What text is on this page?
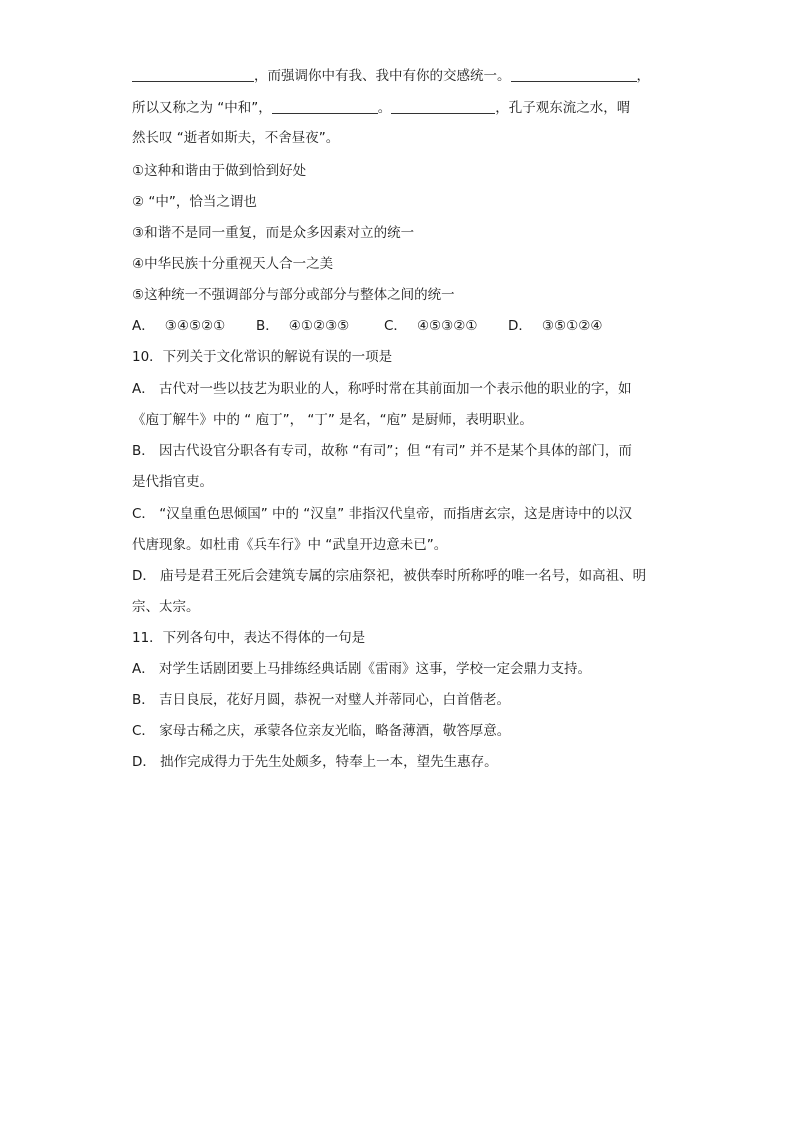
，而强调你中有我、我中有你的交感统一。	，
所以又称之为 “中和”，	。	，孔子观东流之水，喟
然长叹 “逝者如斯夫，不舍昼夜”。
①这种和谐由于做到恰到好处
② “中”，恰当之谓也
③和谐不是同一重复，而是众多因素对立的统一
④中华民族十分重视天人合一之美
⑤这种统一不强调部分与部分或部分与整体之间的统一
A． ③④⑤②① B． ④①②③⑤	C． ④⑤③②① D． ③⑤①②④
10．下列关于文化常识的解说有误的一项是
A． 古代对一些以技艺为职业的人，称呼时常在其前面加一个表示他的职业的字，如
《庖丁解牛》中的 “ 庖丁”， “丁” 是名，“庖” 是厨师，表明职业。
B． 因古代设官分职各有专司，故称 “有司”；但 “有司” 并不是某个具体的部门，而
是代指官吏。
C． “汉皇重色思倾国” 中的 “汉皇” 非指汉代皇帝，而指唐玄宗，这是唐诗中的以汉
代唐现象。如杜甫《兵车行》中 “武皇开边意未已”。
D． 庙号是君王死后会建筑专属的宗庙祭祀，被供奉时所称呼的唯一名号，如高祖、明
宗、太宗。
11．下列各句中，表达不得体的一句是
A． 对学生话剧团要上马排练经典话剧《雷雨》这事，学校一定会鼎力支持。
B． 吉日良辰，花好月圆，恭祝一对璧人并蒂同心，白首偕老。
C． 家母古稀之庆，承蒙各位亲友光临，略备薄酒，敬答厚意。
D． 拙作完成得力于先生处颇多，特奉上一本，望先生惠存。
